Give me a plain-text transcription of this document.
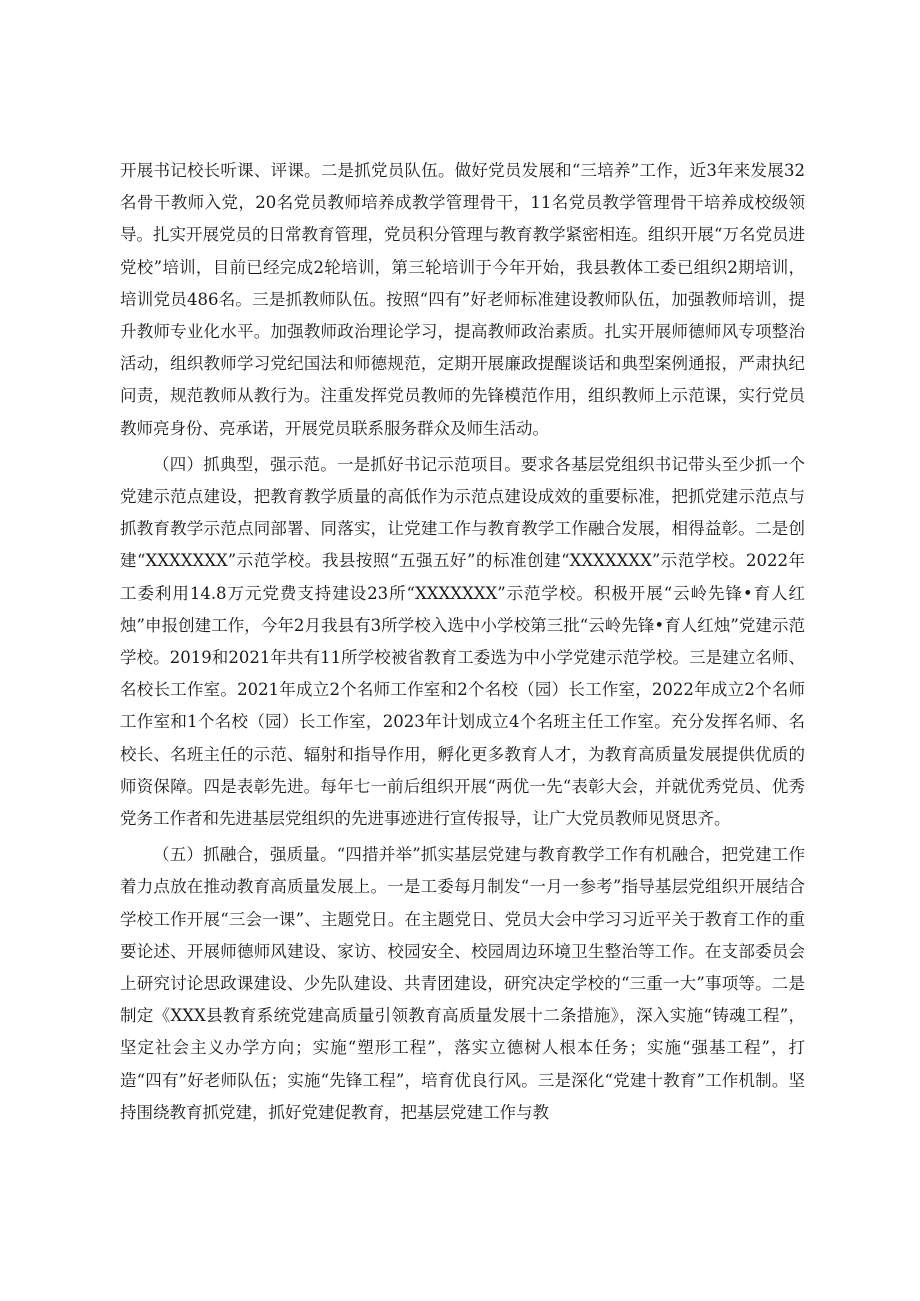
开展书记校长听课、评课。二是抓党员队伍。做好党员发展和“三培养”工作，近3年来发展32名骨干教师入党，20名党员教师培养成教学管理骨干，11名党员教学管理骨干培养成校级领导。扎实开展党员的日常教育管理，党员积分管理与教育教学紧密相连。组织开展“万名党员进党校”培训，目前已经完成2轮培训，第三轮培训于今年开始，我县教体工委已组织2期培训，培训党员486名。三是抓教师队伍。按照“四有”好老师标准建设教师队伍，加强教师培训，提升教师专业化水平。加强教师政治理论学习，提高教师政治素质。扎实开展师德师风专项整治活动，组织教师学习党纪国法和师德规范，定期开展廉政提醒谈话和典型案例通报，严肃执纪问责，规范教师从教行为。注重发挥党员教师的先锋模范作用，组织教师上示范课，实行党员教师亮身份、亮承诺，开展党员联系服务群众及师生活动。

（四）抓典型，强示范。一是抓好书记示范项目。要求各基层党组织书记带头至少抓一个党建示范点建设，把教育教学质量的高低作为示范点建设成效的重要标准，把抓党建示范点与抓教育教学示范点同部署、同落实，让党建工作与教育教学工作融合发展，相得益彰。二是创建“XXXXXXX”示范学校。我县按照“五强五好”的标准创建“XXXXXXX”示范学校。2022年工委利用14.8万元党费支持建设23所“XXXXXXX”示范学校。积极开展“云岭先锋•育人红烛”申报创建工作，今年2月我县有3所学校入选中小学校第三批“云岭先锋•育人红烛”党建示范学校。2019和2021年共有11所学校被省教育工委选为中小学党建示范学校。三是建立名师、名校长工作室。2021年成立2个名师工作室和2个名校（园）长工作室，2022年成立2个名师工作室和1个名校（园）长工作室，2023年计划成立4个名班主任工作室。充分发挥名师、名校长、名班主任的示范、辐射和指导作用，孵化更多教育人才，为教育高质量发展提供优质的师资保障。四是表彰先进。每年七一前后组织开展“两优一先“表彰大会，并就优秀党员、优秀党务工作者和先进基层党组织的先进事迹进行宣传报导，让广大党员教师见贤思齐。

（五）抓融合，强质量。“四措并举”抓实基层党建与教育教学工作有机融合，把党建工作着力点放在推动教育高质量发展上。一是工委每月制发“一月一参考”指导基层党组织开展结合学校工作开展“三会一课”、主题党日。在主题党日、党员大会中学习习近平关于教育工作的重要论述、开展师德师风建设、家访、校园安全、校园周边环境卫生整治等工作。在支部委员会上研究讨论思政课建设、少先队建设、共青团建设，研究决定学校的“三重一大”事项等。二是制定《XXX县教育系统党建高质量引领教育高质量发展十二条措施》，深入实施“铸魂工程”，坚定社会主义办学方向；实施“塑形工程”，落实立德树人根本任务；实施“强基工程”，打造“四有”好老师队伍；实施“先锋工程”，培育优良行风。三是深化“党建十教育”工作机制。坚持围绕教育抓党建，抓好党建促教育，把基层党建工作与教
